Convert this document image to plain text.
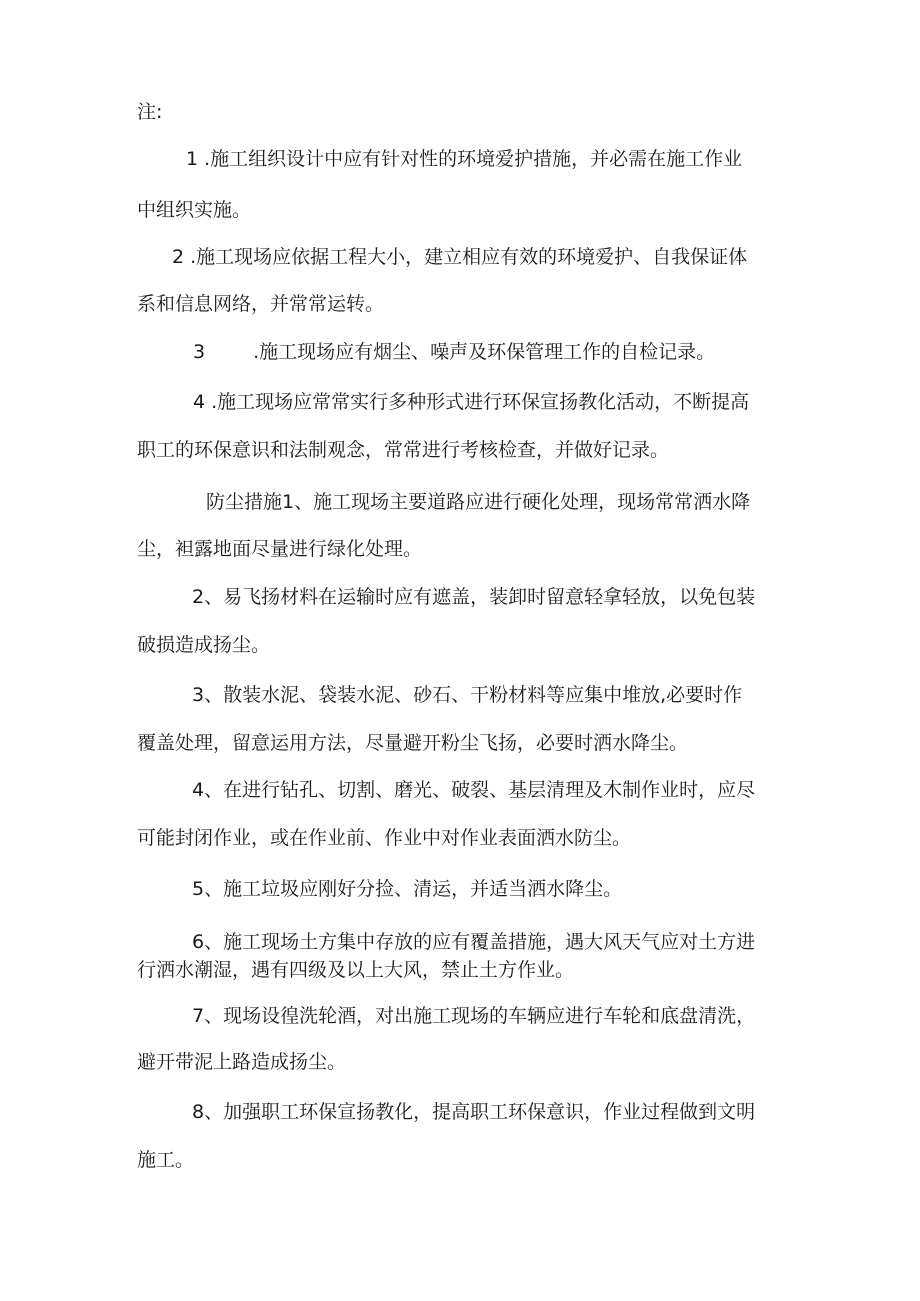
注:

1 .施工组织设计中应有针对性的环境爱护措施，并必需在施工作业

中组织实施。

2 .施工现场应依据工程大小，建立相应有效的环境爱护、自我保证体

系和信息网络，并常常运转。

3	.施工现场应有烟尘、噪声及环保管理工作的自检记录。

4 .施工现场应常常实行多种形式进行环保宣扬教化活动，不断提高

职工的环保意识和法制观念，常常进行考核检查，并做好记录。

防尘措施1、施工现场主要道路应进行硬化处理，现场常常洒水降

尘，袒露地面尽量进行绿化处理。

2、易飞扬材料在运输时应有遮盖，装卸时留意轻拿轻放，以免包装

破损造成扬尘。

3、散装水泥、袋装水泥、砂石、干粉材料等应集中堆放,必要时作

覆盖处理，留意运用方法，尽量避开粉尘飞扬，必要时洒水降尘。

4、在进行钻孔、切割、磨光、破裂、基层清理及木制作业时，应尽

可能封闭作业，或在作业前、作业中对作业表面洒水防尘。

5、施工垃圾应刚好分捡、清运，并适当洒水降尘。

6、施工现场土方集中存放的应有覆盖措施，遇大风天气应对土方进

行洒水潮湿，遇有四级及以上大风，禁止土方作业。

7、现场设徨洗轮酒，对出施工现场的车辆应进行车轮和底盘清洗，

避开带泥上路造成扬尘。

8、加强职工环保宣扬教化，提高职工环保意识，作业过程做到文明

施工。
